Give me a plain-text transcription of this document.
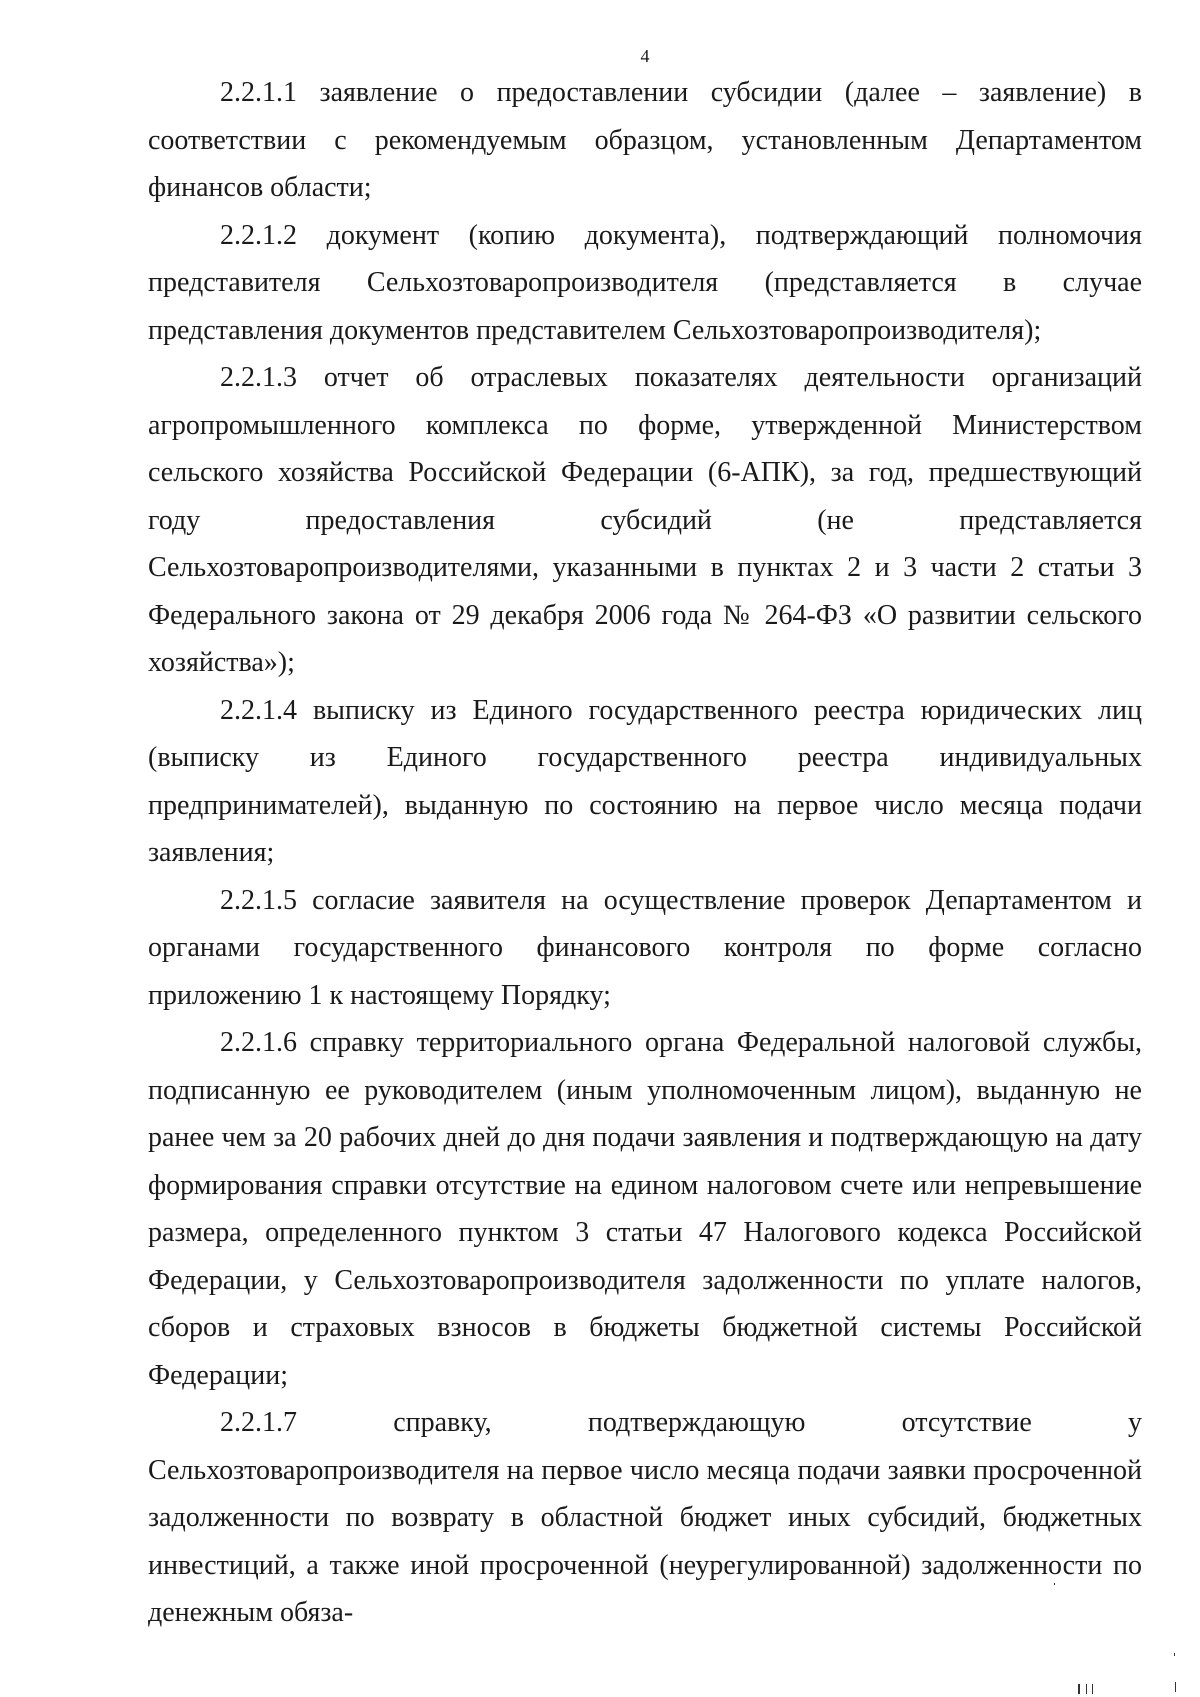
4

2.2.1.1 заявление о предоставлении субсидии (далее – заявление) в соответствии с рекомендуемым образцом, установленным Департаментом финансов области;

2.2.1.2 документ (копию документа), подтверждающий полномочия представителя Сельхозтоваропроизводителя (представляется в случае представления документов представителем Сельхозтоваропроизводителя);

2.2.1.3 отчет об отраслевых показателях деятельности организаций агропромышленного комплекса по форме, утвержденной Министерством сельского хозяйства Российской Федерации (6-АПК), за год, предшествующий году предоставления субсидий (не представляется Сельхозтоваропроизводителями, указанными в пунктах 2 и 3 части 2 статьи 3 Федерального закона от 29 декабря 2006 года № 264-ФЗ «О развитии сельского хозяйства»);

2.2.1.4 выписку из Единого государственного реестра юридических лиц (выписку из Единого государственного реестра индивидуальных предпринимателей), выданную по состоянию на первое число месяца подачи заявления;

2.2.1.5 согласие заявителя на осуществление проверок Департаментом и органами государственного финансового контроля по форме согласно приложению 1 к настоящему Порядку;

2.2.1.6 справку территориального органа Федеральной налоговой службы, подписанную ее руководителем (иным уполномоченным лицом), выданную не ранее чем за 20 рабочих дней до дня подачи заявления и подтверждающую на дату формирования справки отсутствие на едином налоговом счете или непревышение размера, определенного пунктом 3 статьи 47 Налогового кодекса Российской Федерации, у Сельхозтоваропроизводителя задолженности по уплате налогов, сборов и страховых взносов в бюджеты бюджетной системы Российской Федерации;

2.2.1.7 справку, подтверждающую отсутствие у Сельхозтоваропроизводителя на первое число месяца подачи заявки просроченной задолженности по возврату в областной бюджет иных субсидий, бюджетных инвестиций, а также иной просроченной (неурегулированной) задолженности по денежным обяза-
